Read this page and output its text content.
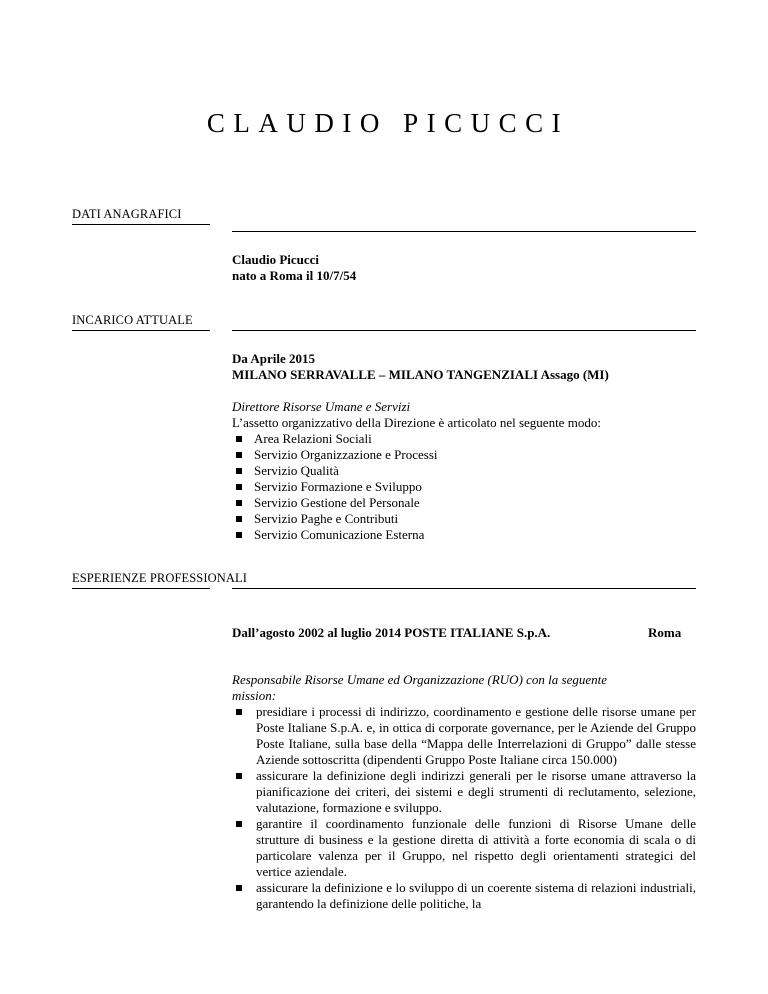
CLAUDIO PICUCCI
DATI ANAGRAFICI
Claudio Picucci
nato a Roma il 10/7/54
INCARICO ATTUALE
Da Aprile 2015
MILANO SERRAVALLE – MILANO TANGENZIALI Assago (MI)
Direttore Risorse Umane e Servizi
L’assetto organizzativo della Direzione è articolato nel seguente modo:
Area Relazioni Sociali
Servizio Organizzazione e Processi
Servizio Qualità
Servizio Formazione e Sviluppo
Servizio Gestione del Personale
Servizio Paghe e Contributi
Servizio Comunicazione Esterna
ESPERIENZE PROFESSIONALI
Dall’agosto 2002 al luglio 2014 POSTE ITALIANE S.p.A.	Roma
Responsabile Risorse Umane ed Organizzazione (RUO) con la seguente
mission:
presidiare i processi di indirizzo, coordinamento e gestione delle risorse umane per Poste Italiane S.p.A. e, in ottica di corporate governance, per le Aziende del Gruppo Poste Italiane, sulla base della “Mappa delle Interrelazioni di Gruppo” dalle stesse Aziende sottoscritta (dipendenti Gruppo Poste Italiane circa 150.000)
assicurare la definizione degli indirizzi generali per le risorse umane attraverso la pianificazione dei criteri, dei sistemi e degli strumenti di reclutamento, selezione, valutazione, formazione e sviluppo.
garantire il coordinamento funzionale delle funzioni di Risorse Umane delle strutture di business e la gestione diretta di attività a forte economia di scala o di particolare valenza per il Gruppo, nel rispetto degli orientamenti strategici del vertice aziendale.
assicurare la definizione e lo sviluppo di un coerente sistema di relazioni industriali, garantendo la definizione delle politiche, la
